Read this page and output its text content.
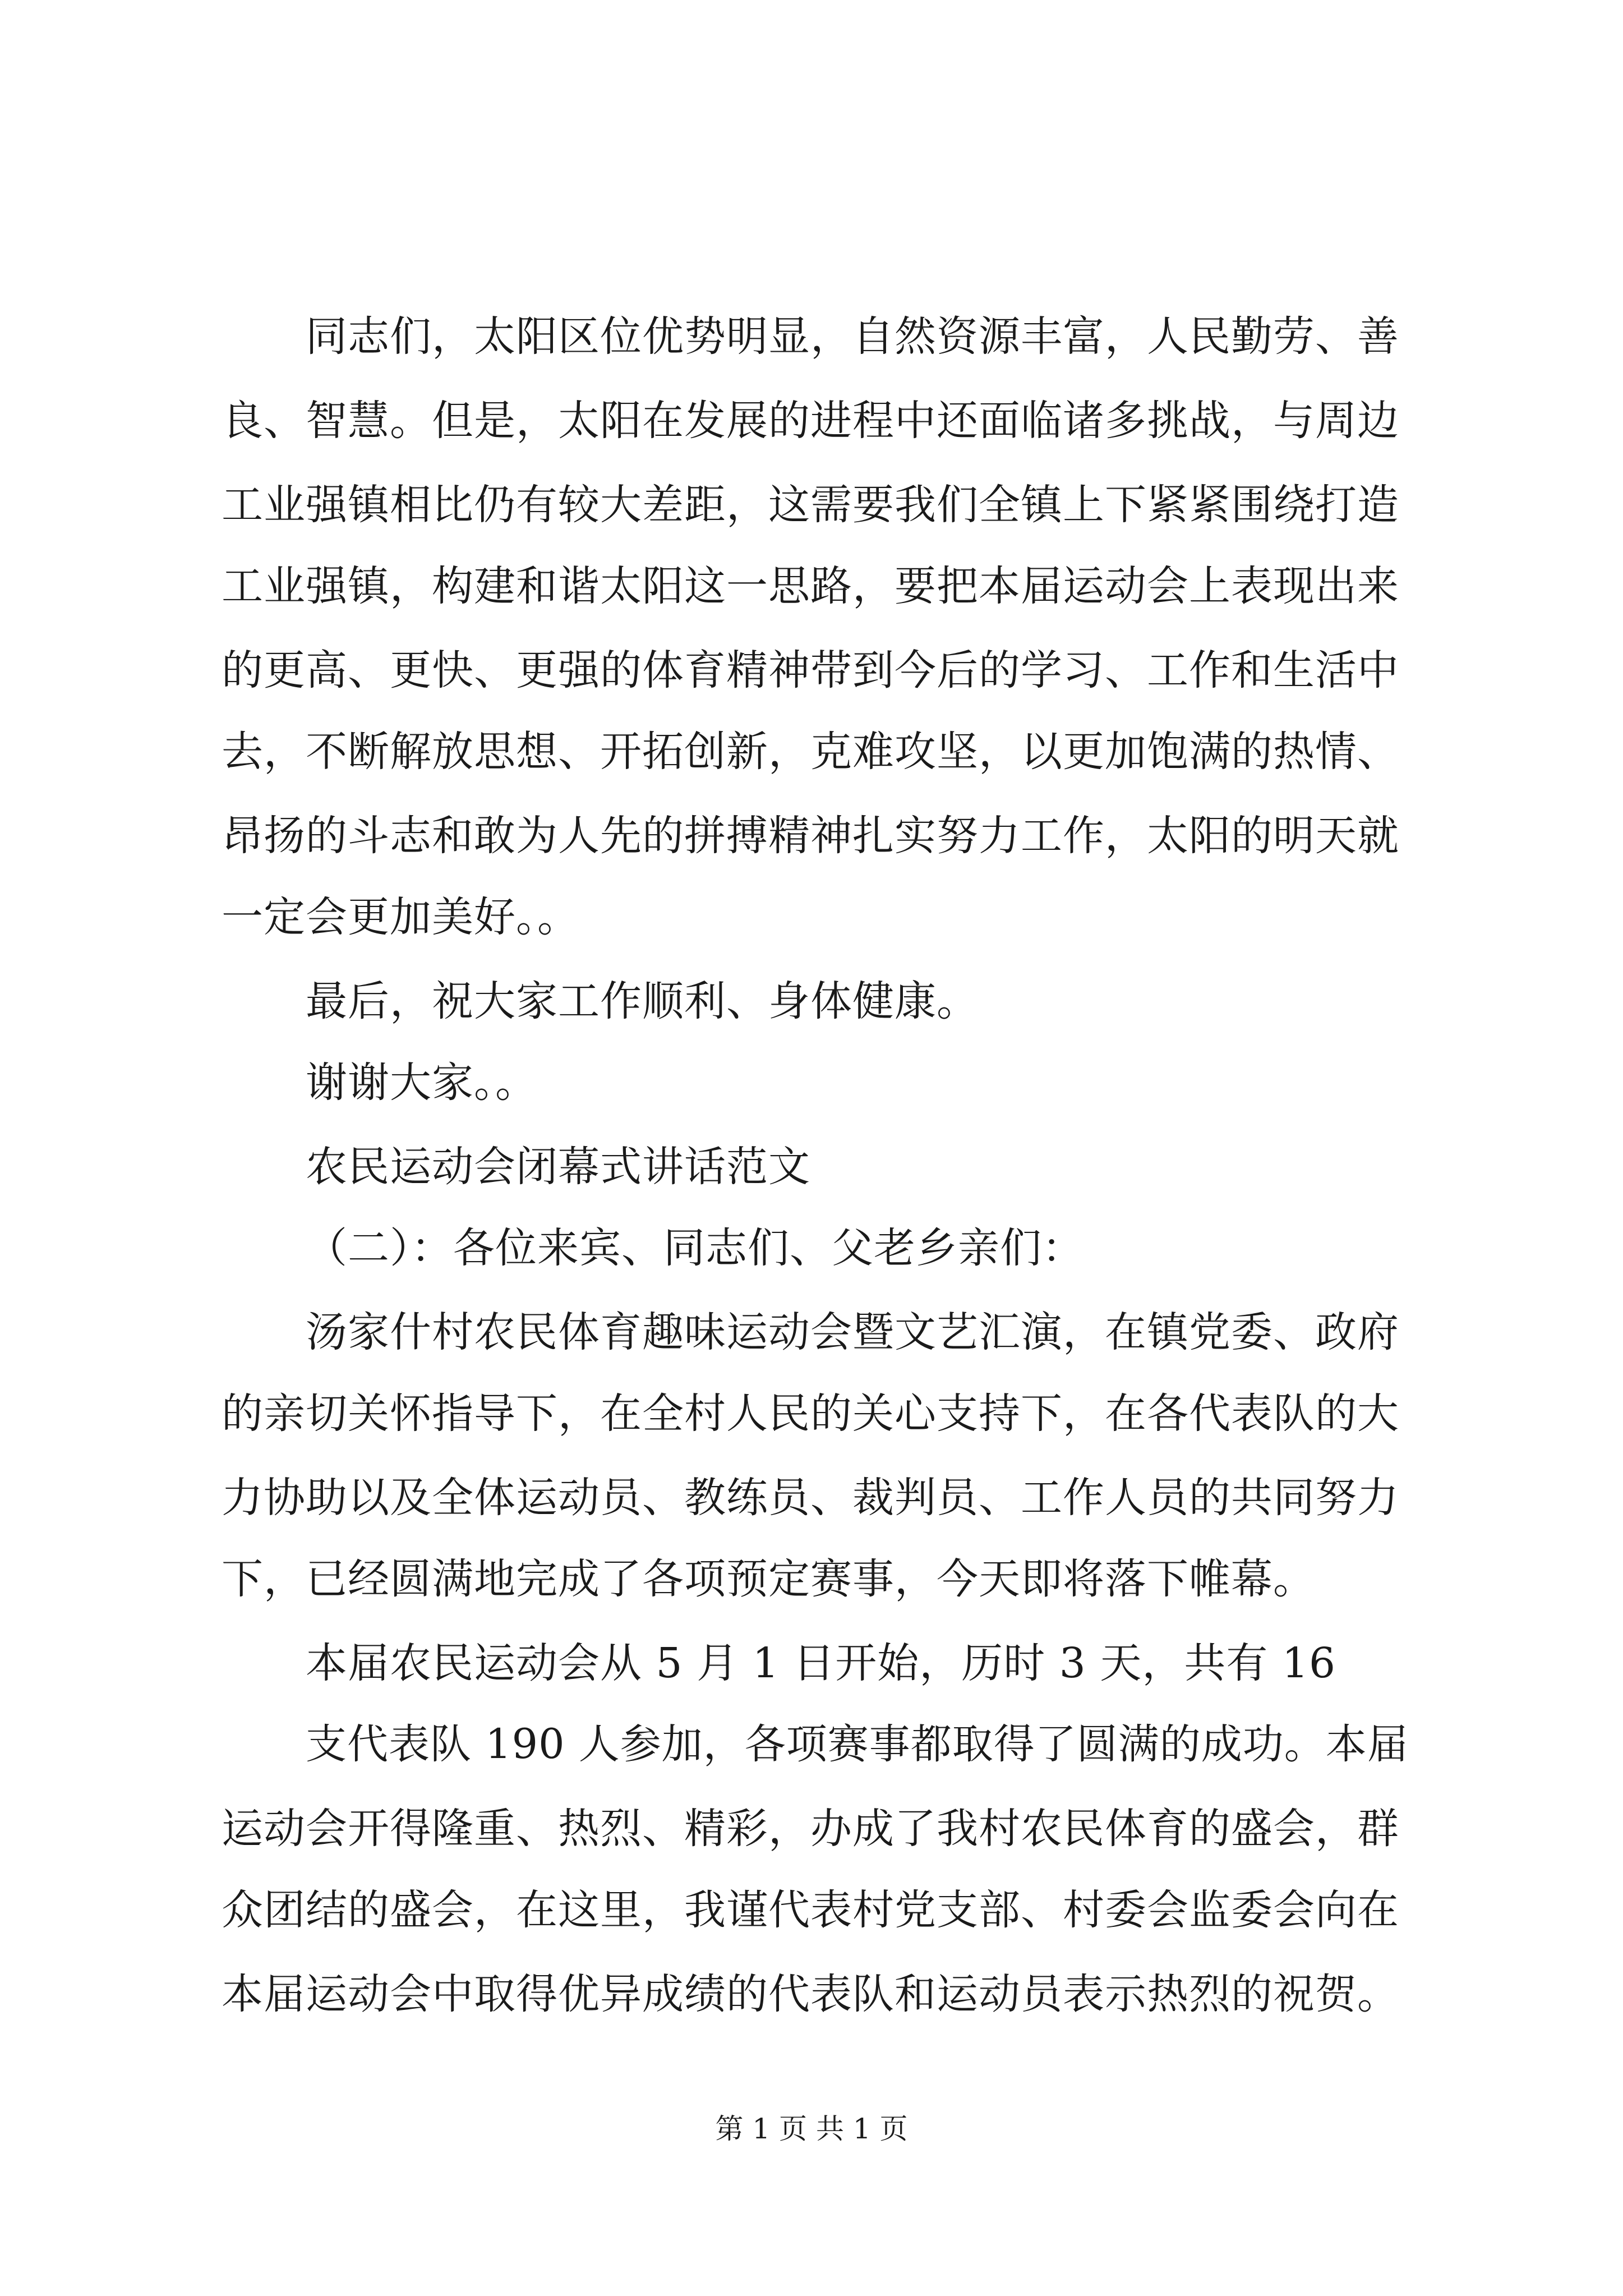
同志们，太阳区位优势明显，自然资源丰富，人民勤劳、善
良、智慧。但是，太阳在发展的进程中还面临诸多挑战，与周边
工业强镇相比仍有较大差距，这需要我们全镇上下紧紧围绕打造
工业强镇，构建和谐太阳这一思路，要把本届运动会上表现出来
的更高、更快、更强的体育精神带到今后的学习、工作和生活中
去，不断解放思想、开拓创新，克难攻坚，以更加饱满的热情、
昂扬的斗志和敢为人先的拼搏精神扎实努力工作，太阳的明天就
一定会更加美好。。
最后，祝大家工作顺利、身体健康。
谢谢大家。。
农民运动会闭幕式讲话范文
（二）：各位来宾、同志们、父老乡亲们：
汤家什村农民体育趣味运动会暨文艺汇演，在镇党委、政府
的亲切关怀指导下，在全村人民的关心支持下，在各代表队的大
力协助以及全体运动员、教练员、裁判员、工作人员的共同努力
下，已经圆满地完成了各项预定赛事，今天即将落下帷幕。
本届农民运动会从 5 月 1 日开始，历时 3 天，共有 16
支代表队 190 人参加，各项赛事都取得了圆满的成功。本届
运动会开得隆重、热烈、精彩，办成了我村农民体育的盛会，群
众团结的盛会，在这里，我谨代表村党支部、村委会监委会向在
本届运动会中取得优异成绩的代表队和运动员表示热烈的祝贺。
第 1 页 共 1 页
